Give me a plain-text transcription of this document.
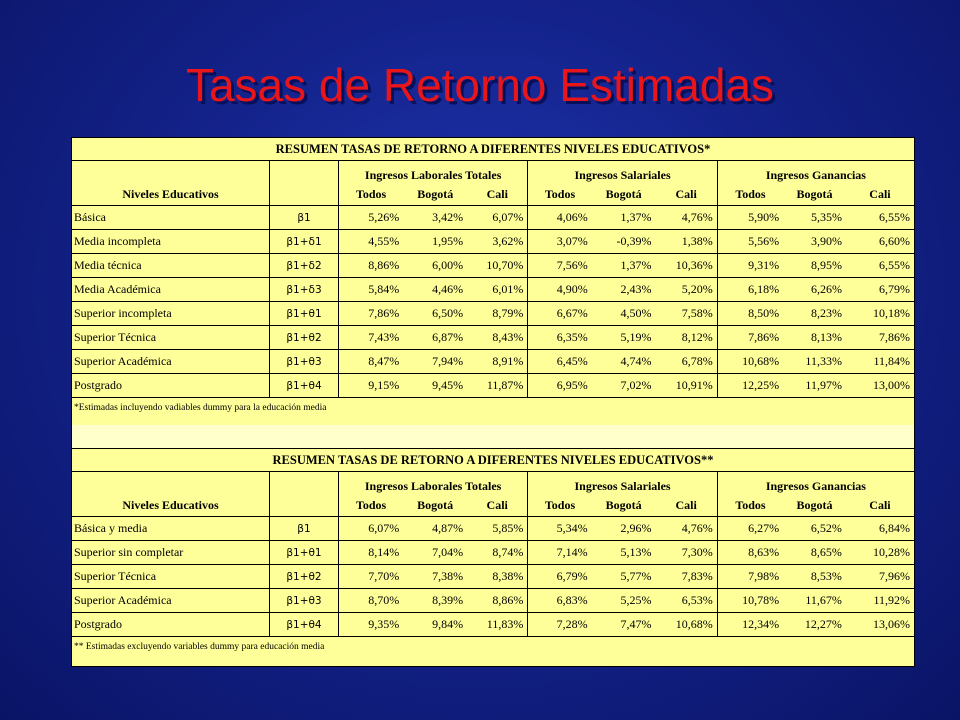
Tasas de Retorno Estimadas
RESUMEN TASAS DE RETORNO A DIFERENTES NIVELES EDUCATIVOS*										
		Ingresos Laborales Totales			Ingresos Salariales			Ingresos Ganancias		
Niveles Educativos		Todos	Bogotá	Cali	Todos	Bogotá	Cali	Todos	Bogotá	Cali
Básica	β1	5,26%	3,42%	6,07%	4,06%	1,37%	4,76%	5,90%	5,35%	6,55%
Media incompleta	β1+δ1	4,55%	1,95%	3,62%	3,07%	-0,39%	1,38%	5,56%	3,90%	6,60%
Media técnica	β1+δ2	8,86%	6,00%	10,70%	7,56%	1,37%	10,36%	9,31%	8,95%	6,55%
Media Académica	β1+δ3	5,84%	4,46%	6,01%	4,90%	2,43%	5,20%	6,18%	6,26%	6,79%
Superior incompleta	β1+θ1	7,86%	6,50%	8,79%	6,67%	4,50%	7,58%	8,50%	8,23%	10,18%
Superior Técnica	β1+θ2	7,43%	6,87%	8,43%	6,35%	5,19%	8,12%	7,86%	8,13%	7,86%
Superior Académica	β1+θ3	8,47%	7,94%	8,91%	6,45%	4,74%	6,78%	10,68%	11,33%	11,84%
Postgrado	β1+θ4	9,15%	9,45%	11,87%	6,95%	7,02%	10,91%	12,25%	11,97%	13,00%
*Estimadas incluyendo vadiables dummy para la educación media										
RESUMEN TASAS DE RETORNO A DIFERENTES NIVELES EDUCATIVOS**										
		Ingresos Laborales Totales			Ingresos Salariales			Ingresos Ganancias		
Niveles Educativos		Todos	Bogotá	Cali	Todos	Bogotá	Cali	Todos	Bogotá	Cali
Básica y media	β1	6,07%	4,87%	5,85%	5,34%	2,96%	4,76%	6,27%	6,52%	6,84%
Superior sin completar	β1+θ1	8,14%	7,04%	8,74%	7,14%	5,13%	7,30%	8,63%	8,65%	10,28%
Superior Técnica	β1+θ2	7,70%	7,38%	8,38%	6,79%	5,77%	7,83%	7,98%	8,53%	7,96%
Superior Académica	β1+θ3	8,70%	8,39%	8,86%	6,83%	5,25%	6,53%	10,78%	11,67%	11,92%
Postgrado	β1+θ4	9,35%	9,84%	11,83%	7,28%	7,47%	10,68%	12,34%	12,27%	13,06%
** Estimadas excluyendo variables dummy para educación media										
